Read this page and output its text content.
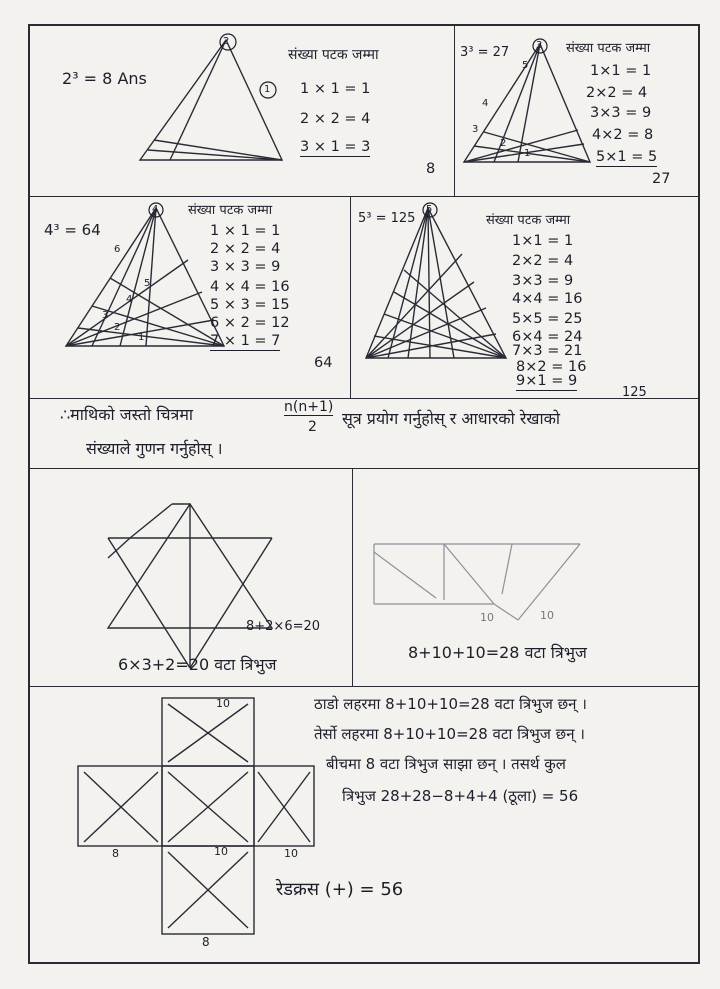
2³ = 8 Ans
2
1
संख्या पटक जम्मा
1 × 1 = 1
2 × 2 = 4
3 × 1 = 3
8
3³ = 27	3
5
4
3
2
1
संख्या पटक जम्मा
1×1 = 1
2×2 = 4
3×3 = 9
4×2 = 8
5×1 = 5
27
4³ = 64
4
6
5
4
3
2
1
संख्या पटक जम्मा
1 × 1 = 1
2 × 2 = 4
3 × 3 = 9
4 × 4 = 16
5 × 3 = 15
6 × 2 = 12
7 × 1 = 7
64
5³ = 125
5
संख्या पटक जम्मा
1×1 = 1
2×2 = 4
3×3 = 9
4×4 = 16
5×5 = 25
6×4 = 24
7×3 = 21
8×2 = 16
9×1 = 9
125
∴माथिको जस्तो चित्रमा	n(n+1)
2 सूत्र प्रयोग गर्नुहोस् र आधारको रेखाको
संख्याले गुणन गर्नुहोस् ।
8+2×6=20
6×3+2=20 वटा त्रिभुज
10	10
8+10+10=28 वटा त्रिभुज
10
8	10	10
8
ठाडो लहरमा 8+10+10=28 वटा त्रिभुज छन् ।
तेर्सो लहरमा 8+10+10=28 वटा त्रिभुज छन् ।
बीचमा 8 वटा त्रिभुज साझा छन् । तसर्थ कुल
त्रिभुज 28+28−8+4+4 (ठूला) = 56
रेडक्रस (+) = 56
